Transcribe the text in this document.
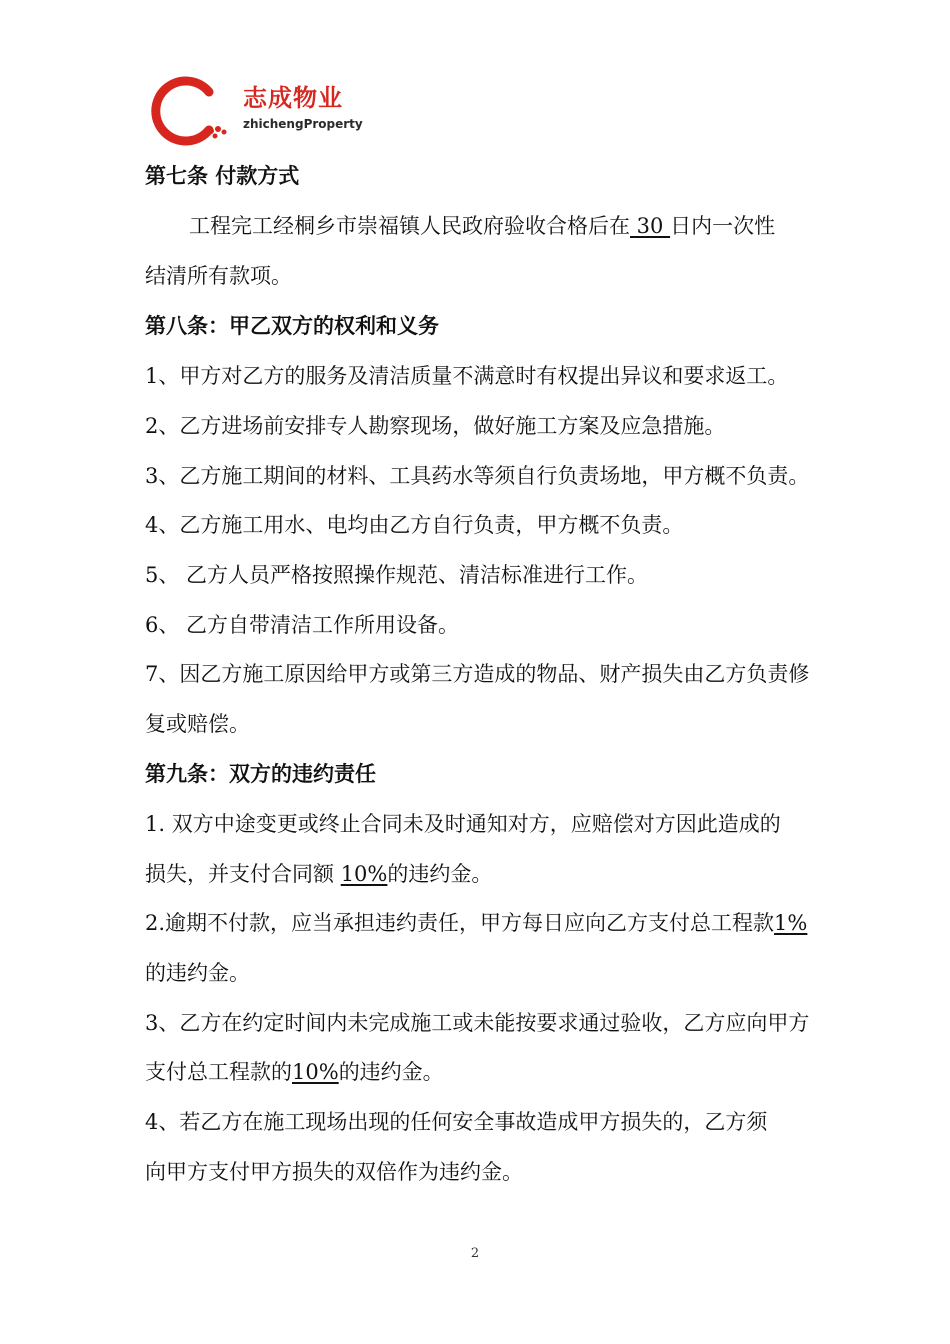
志成物业
zhichengProperty
第七条 付款方式
工程完工经桐乡市崇福镇人民政府验收合格后在 30 日内一次性
结清所有款项。
第八条：甲乙双方的权利和义务
1、甲方对乙方的服务及清洁质量不满意时有权提出异议和要求返工。
2、乙方进场前安排专人勘察现场，做好施工方案及应急措施。
3、乙方施工期间的材料、工具药水等须自行负责场地，甲方概不负责。
4、乙方施工用水、电均由乙方自行负责，甲方概不负责。
5、 乙方人员严格按照操作规范、清洁标准进行工作。
6、 乙方自带清洁工作所用设备。
7、因乙方施工原因给甲方或第三方造成的物品、财产损失由乙方负责修
复或赔偿。
第九条：双方的违约责任
1. 双方中途变更或终止合同未及时通知对方，应赔偿对方因此造成的
损失，并支付合同额 10%的违约金。
2.逾期不付款，应当承担违约责任，甲方每日应向乙方支付总工程款1%
的违约金。
3、乙方在约定时间内未完成施工或未能按要求通过验收，乙方应向甲方
支付总工程款的10%的违约金。
4、若乙方在施工现场出现的任何安全事故造成甲方损失的，乙方须
向甲方支付甲方损失的双倍作为违约金。
2
